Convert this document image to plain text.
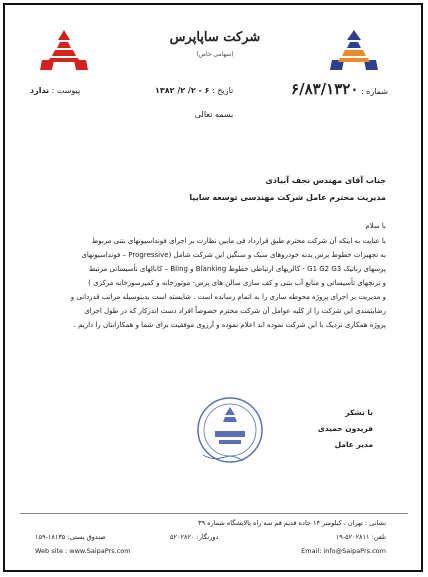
شرکت ساپاپرس
(سهامی خاص)
شماره : ۶/۸۳/۱۳۲۰
تاریخ : ۶ - ۲/ ۲/ ۱۳۸۲
پیوست : ندارد
بسمه تعالی
جناب آقای مهندس نجف آبیادی
مدیریت محترم عامل شرکت مهندسی توسعه سایپا
با سلام

با عنایت به اینکه آن شرکت محترم طبق قرارداد فی مابین نظارت بر اجرای فونداسیونهای بتنی مربوط

به تجهیزات خطوط پرس بدنه خودروهای سبک و سنگین این شرکت شامل (Progressive – فونداسیونهای

پرسهای رباتیک G1 G2 G3 - کالریهای ارتباطی خطوط Blanking و Bling – کانالهای تأسیساتی مرتبط

و ترنچهای تأسیساتی و منابع آب بتنی و کف سازی سالن های پرس- موتورخانه و کمپرسورخانه مرکزی )

و مدیریت بر اجرای پروژه محوطه سازی را به اتمام رسانده است . شایسته است بدینوسیله مراتب قدردانی و

رضایتمندی این شرکت را از کلیه عوامل آن شرکت محترم خصوصاً افراد دست اندرکار که در طول اجرای

پروژه همکاری نزدیک با این شرکت نموده اند اعلام نموده و آرزوی موفقیت برای شما و همکارانتان را داریم .

با تشکر
فریدون حمیدی
مدیر عامل
نشانی : تهران ، کیلومتر ۱۴ جاده قدیم قم سه راه پالایشگاه شماره ۳۹
تلفن: ۵۲۰۲۸۱۱-۱۹
دورنگار: ۵۲۰۲۸۲۰
صندوق پستی: ۱۸۱۳۵-۱۵۹
Web site : www.SaipaPrs.com	Email: info@SaipaPrs.com
